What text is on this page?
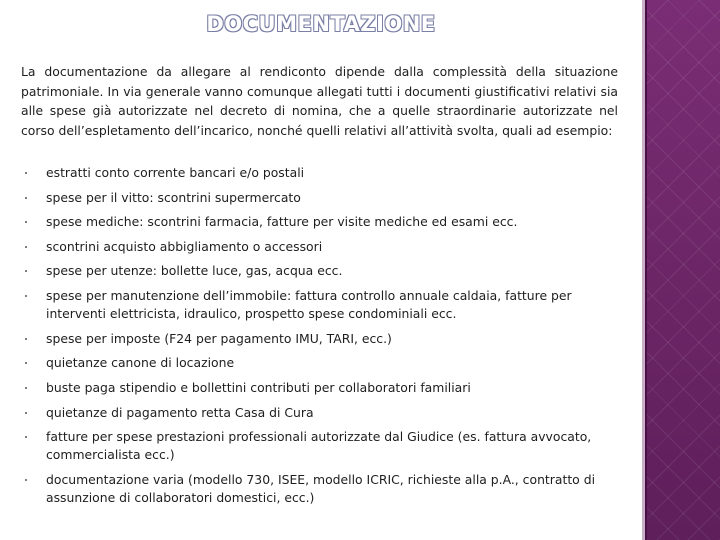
DOCUMENTAZIONE
La documentazione da allegare al rendiconto dipende dalla complessità della situazione patrimoniale. In via generale vanno comunque allegati tutti i documenti giustificativi relativi sia alle spese già autorizzate nel decreto di nomina, che a quelle straordinarie autorizzate nel corso dell’espletamento dell’incarico, nonché quelli relativi all’attività svolta, quali ad esempio:
estratti conto corrente bancari e/o postali
spese per il vitto: scontrini supermercato
spese mediche: scontrini farmacia, fatture per visite mediche ed esami ecc.
scontrini acquisto abbigliamento o accessori
spese per utenze: bollette luce, gas, acqua ecc.
spese per manutenzione dell’immobile: fattura controllo annuale caldaia, fatture per interventi elettricista, idraulico, prospetto spese condominiali ecc.
spese per imposte (F24 per pagamento IMU, TARI, ecc.)
quietanze canone di locazione
buste paga stipendio e bollettini contributi per collaboratori familiari
quietanze di pagamento retta Casa di Cura
fatture per spese prestazioni professionali autorizzate dal Giudice (es. fattura avvocato, commercialista ecc.)
documentazione varia (modello 730, ISEE, modello ICRIC, richieste alla p.A., contratto di assunzione di collaboratori domestici, ecc.)
